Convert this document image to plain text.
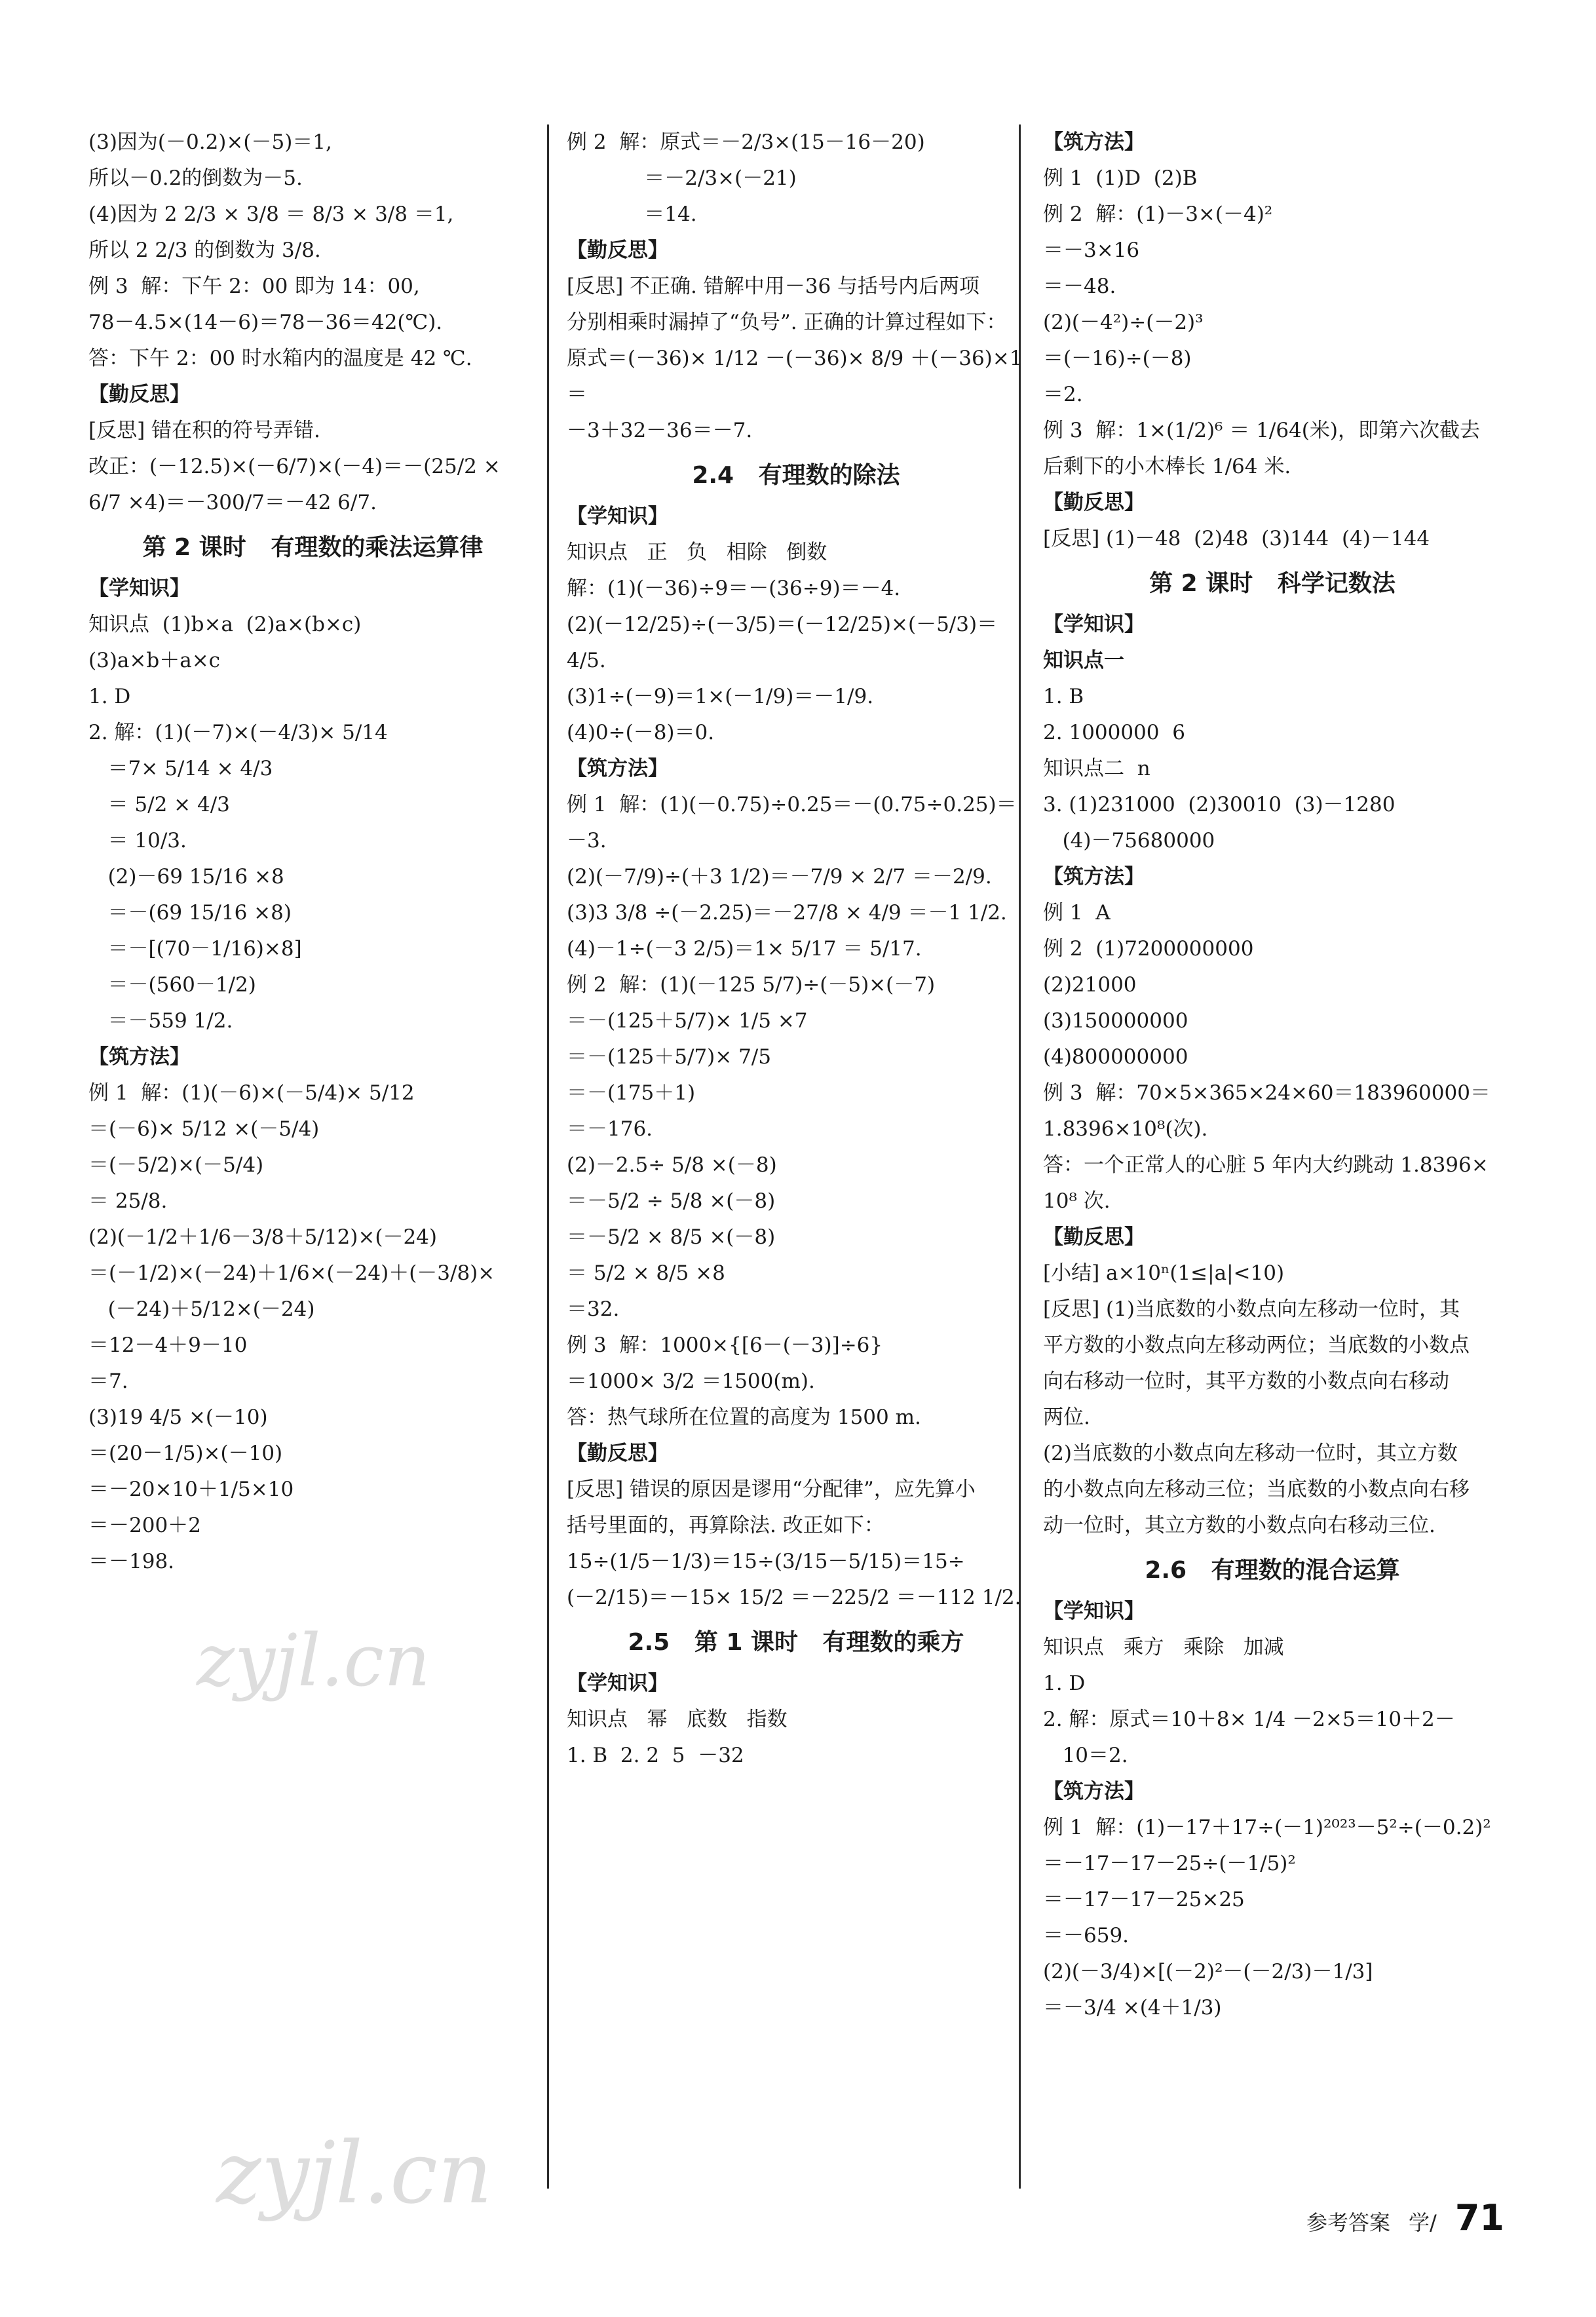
(3)因为(－0.2)×(－5)＝1,
所以－0.2的倒数为－5.
(4)因为 2 2/3 × 3/8 ＝ 8/3 × 3/8 ＝1,
所以 2 2/3 的倒数为 3/8.
例 3  解：下午 2：00 即为 14：00,
78－4.5×(14－6)＝78－36＝42(℃).
答：下午 2：00 时水箱内的温度是 42 ℃.
【勤反思】
[反思] 错在积的符号弄错.
改正：(－12.5)×(－6/7)×(－4)＝－(25/2 ×
6/7 ×4)＝－300/7＝－42 6/7.
第 2 课时   有理数的乘法运算律
【学知识】
知识点  (1)b×a  (2)a×(b×c)
(3)a×b＋a×c
1. D
2. 解：(1)(－7)×(－4/3)× 5/14
＝7× 5/14 × 4/3
＝ 5/2 × 4/3
＝ 10/3.
(2)－69 15/16 ×8
＝－(69 15/16 ×8)
＝－[(70－1/16)×8]
＝－(560－1/2)
＝－559 1/2.
【筑方法】
例 1  解：(1)(－6)×(－5/4)× 5/12
＝(－6)× 5/12 ×(－5/4)
＝(－5/2)×(－5/4)
＝ 25/8.
(2)(－1/2＋1/6－3/8＋5/12)×(－24)
＝(－1/2)×(－24)＋1/6×(－24)＋(－3/8)×
(－24)＋5/12×(－24)
＝12－4＋9－10
＝7.
(3)19 4/5 ×(－10)
＝(20－1/5)×(－10)
＝－20×10＋1/5×10
＝－200＋2
＝－198.
例 2  解：原式＝－2/3×(15－16－20)
＝－2/3×(－21)
＝14.
【勤反思】
[反思] 不正确. 错解中用－36 与括号内后两项
分别相乘时漏掉了“负号”. 正确的计算过程如下：
原式＝(－36)× 1/12 －(－36)× 8/9 ＋(－36)×1＝
－3＋32－36＝－7.
2.4   有理数的除法
【学知识】
知识点   正   负   相除   倒数
解：(1)(－36)÷9＝－(36÷9)＝－4.
(2)(－12/25)÷(－3/5)＝(－12/25)×(－5/3)＝
4/5.
(3)1÷(－9)＝1×(－1/9)＝－1/9.
(4)0÷(－8)＝0.
【筑方法】
例 1  解：(1)(－0.75)÷0.25＝－(0.75÷0.25)＝
－3.
(2)(－7/9)÷(＋3 1/2)＝－7/9 × 2/7 ＝－2/9.
(3)3 3/8 ÷(－2.25)＝－27/8 × 4/9 ＝－1 1/2.
(4)－1÷(－3 2/5)＝1× 5/17 ＝ 5/17.
例 2  解：(1)(－125 5/7)÷(－5)×(－7)
＝－(125＋5/7)× 1/5 ×7
＝－(125＋5/7)× 7/5
＝－(175＋1)
＝－176.
(2)－2.5÷ 5/8 ×(－8)
＝－5/2 ÷ 5/8 ×(－8)
＝－5/2 × 8/5 ×(－8)
＝ 5/2 × 8/5 ×8
＝32.
例 3  解：1000×{[6－(－3)]÷6}
＝1000× 3/2 ＝1500(m).
答：热气球所在位置的高度为 1500 m.
【勤反思】
[反思] 错误的原因是谬用“分配律”，应先算小
括号里面的，再算除法. 改正如下：
15÷(1/5－1/3)＝15÷(3/15－5/15)＝15÷
(－2/15)＝－15× 15/2 ＝－225/2 ＝－112 1/2.
2.5   第 1 课时   有理数的乘方
【学知识】
知识点   幂   底数   指数
1. B  2. 2  5  －32
【筑方法】
例 1  (1)D  (2)B
例 2  解：(1)－3×(－4)²
＝－3×16
＝－48.
(2)(－4²)÷(－2)³
＝(－16)÷(－8)
＝2.
例 3  解：1×(1/2)⁶ ＝ 1/64(米)，即第六次截去
后剩下的小木棒长 1/64 米.
【勤反思】
[反思] (1)－48  (2)48  (3)144  (4)－144
第 2 课时   科学记数法
【学知识】
知识点一
1. B
2. 1000000  6
知识点二  n
3. (1)231000  (2)30010  (3)－1280
(4)－75680000
【筑方法】
例 1  A
例 2  (1)7200000000
(2)21000
(3)150000000
(4)800000000
例 3  解：70×5×365×24×60＝183960000＝
1.8396×10⁸(次).
答：一个正常人的心脏 5 年内大约跳动 1.8396×
10⁸ 次.
【勤反思】
[小结] a×10ⁿ(1≤|a|<10)
[反思] (1)当底数的小数点向左移动一位时，其
平方数的小数点向左移动两位；当底数的小数点
向右移动一位时，其平方数的小数点向右移动
两位.
(2)当底数的小数点向左移动一位时，其立方数
的小数点向左移动三位；当底数的小数点向右移
动一位时，其立方数的小数点向右移动三位.
2.6   有理数的混合运算
【学知识】
知识点   乘方   乘除   加减
1. D
2. 解：原式＝10＋8× 1/4 －2×5＝10＋2－
10＝2.
【筑方法】
例 1  解：(1)－17＋17÷(－1)²⁰²³－5²÷(－0.2)²
＝－17－17－25÷(－1/5)²
＝－17－17－25×25
＝－659.
(2)(－3/4)×[(－2)²－(－2/3)－1/3]
＝－3/4 ×(4＋1/3)
参考答案 学/ 71
zyjl.cn
zyjl.cn
